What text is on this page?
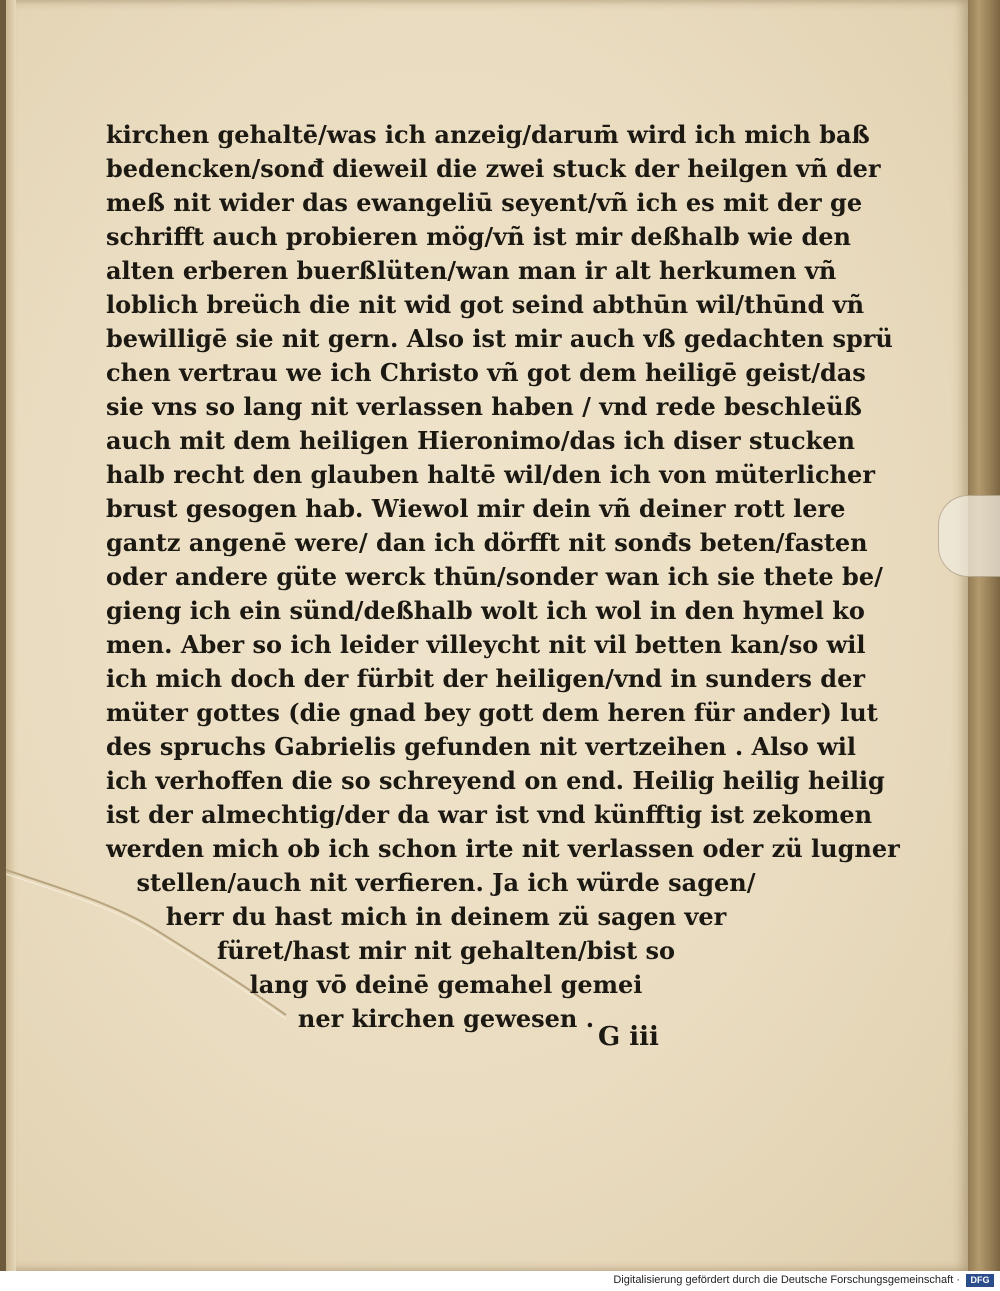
kirchen gehaltē/was ich anzeig/darum̄ wird ich mich baß
bedencken/sonđ dieweil die zwei stuck der heilgen vñ der
meß nit wider das ewangeliū seyent/vñ ich es mit der ge
schrifft auch probieren mög/vñ ist mir deßhalb wie den
alten erberen buerßlüten/wan man ir alt herkumen vñ
loblich breüch die nit wid got seind abthūn wil/thūnd vñ
bewilligē sie nit gern. Also ist mir auch vß gedachten sprü
chen vertrau we ich Christo vñ got dem heiligē geist/das
sie vns so lang nit verlassen haben / vnd rede beschleüß
auch mit dem heiligen Hieronimo/das ich diser stucken
halb recht den glauben haltē wil/den ich von müterlicher
brust gesogen hab. Wiewol mir dein vñ deiner rott lere
gantz angenē were/ dan ich dörfft nit sonđs beten/fasten
oder andere güte werck thūn/sonder wan ich sie thete be/
gieng ich ein sünd/deßhalb wolt ich wol in den hymel ko
men. Aber so ich leider villeycht nit vil betten kan/so wil
ich mich doch der fürbit der heiligen/vnd in sunders der
müter gottes (die gnad bey gott dem heren für ander) lut
des spruchs Gabrielis gefunden nit vertzeihen . Also wil
ich verhoffen die so schreyend on end. Heilig heilig heilig
ist der almechtig/der da war ist vnd künfftig ist zekomen
werden mich ob ich schon irte nit verlassen oder zü lugner
stellen/auch nit verfieren. Ja ich würde sagen/
herr du hast mich in deinem zü sagen ver
füret/hast mir nit gehalten/bist so
lang vō deinē gemahel gemei
ner kirchen gewesen .
G iii
Digitalisierung gefördert durch die Deutsche Forschungsgemeinschaft ·	DFG
